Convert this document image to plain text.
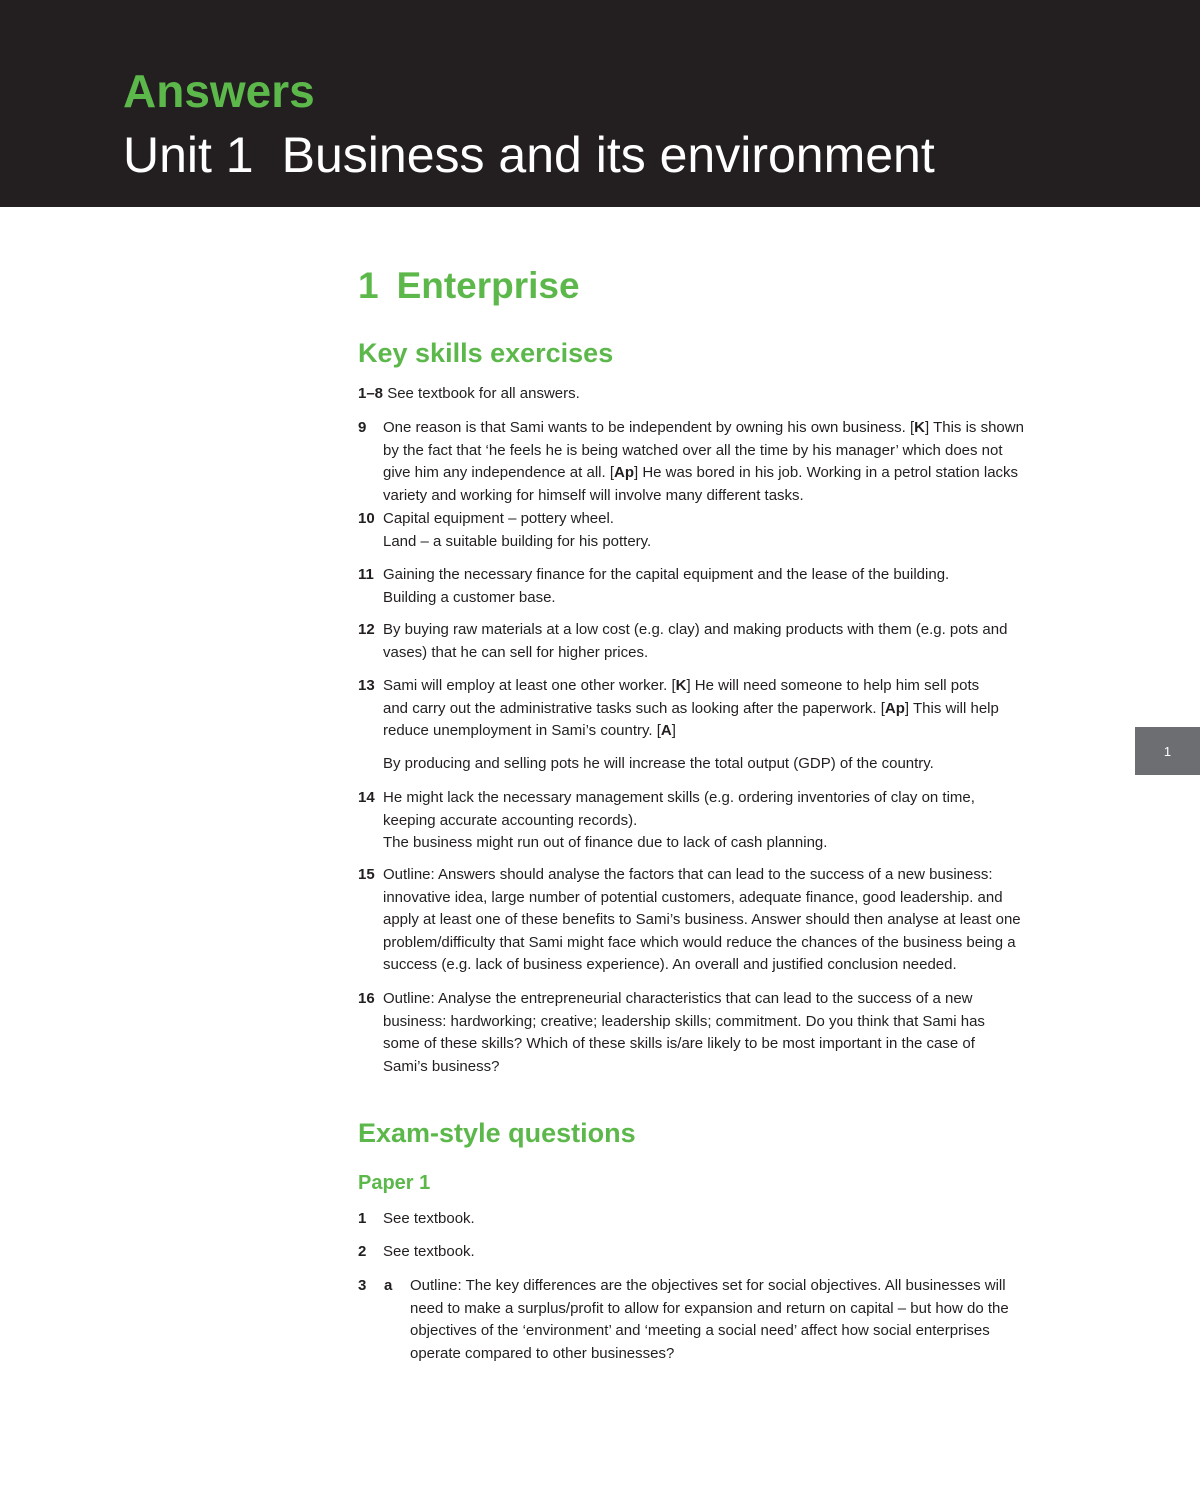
Answers
Unit 1 Business and its environment
1
1 Enterprise
Key skills exercises
1–8 See textbook for all answers.
9 One reason is that Sami wants to be independent by owning his own business. [K] This is shown
by the fact that ‘he feels he is being watched over all the time by his manager’ which does not
give him any independence at all. [Ap] He was bored in his job. Working in a petrol station lacks
variety and working for himself will involve many different tasks.
10 Capital equipment – pottery wheel.
Land – a suitable building for his pottery.
11 Gaining the necessary finance for the capital equipment and the lease of the building.
Building a customer base.
12 By buying raw materials at a low cost (e.g. clay) and making products with them (e.g. pots and
vases) that he can sell for higher prices.
13 Sami will employ at least one other worker. [K] He will need someone to help him sell pots
and carry out the administrative tasks such as looking after the paperwork. [Ap] This will help
reduce unemployment in Sami’s country. [A]
By producing and selling pots he will increase the total output (GDP) of the country.
14 He might lack the necessary management skills (e.g. ordering inventories of clay on time,
keeping accurate accounting records).
The business might run out of finance due to lack of cash planning.
15 Outline: Answers should analyse the factors that can lead to the success of a new business:
innovative idea, large number of potential customers, adequate finance, good leadership. and
apply at least one of these benefits to Sami’s business. Answer should then analyse at least one
problem/difficulty that Sami might face which would reduce the chances of the business being a
success (e.g. lack of business experience). An overall and justified conclusion needed.
16 Outline: Analyse the entrepreneurial characteristics that can lead to the success of a new
business: hardworking; creative; leadership skills; commitment. Do you think that Sami has
some of these skills? Which of these skills is/are likely to be most important in the case of
Sami’s business?
Exam-style questions
Paper 1
1 See textbook.
2 See textbook.
3 a Outline: The key differences are the objectives set for social objectives. All businesses will
need to make a surplus/profit to allow for expansion and return on capital – but how do the
objectives of the ‘environment’ and ‘meeting a social need’ affect how social enterprises
operate compared to other businesses?
